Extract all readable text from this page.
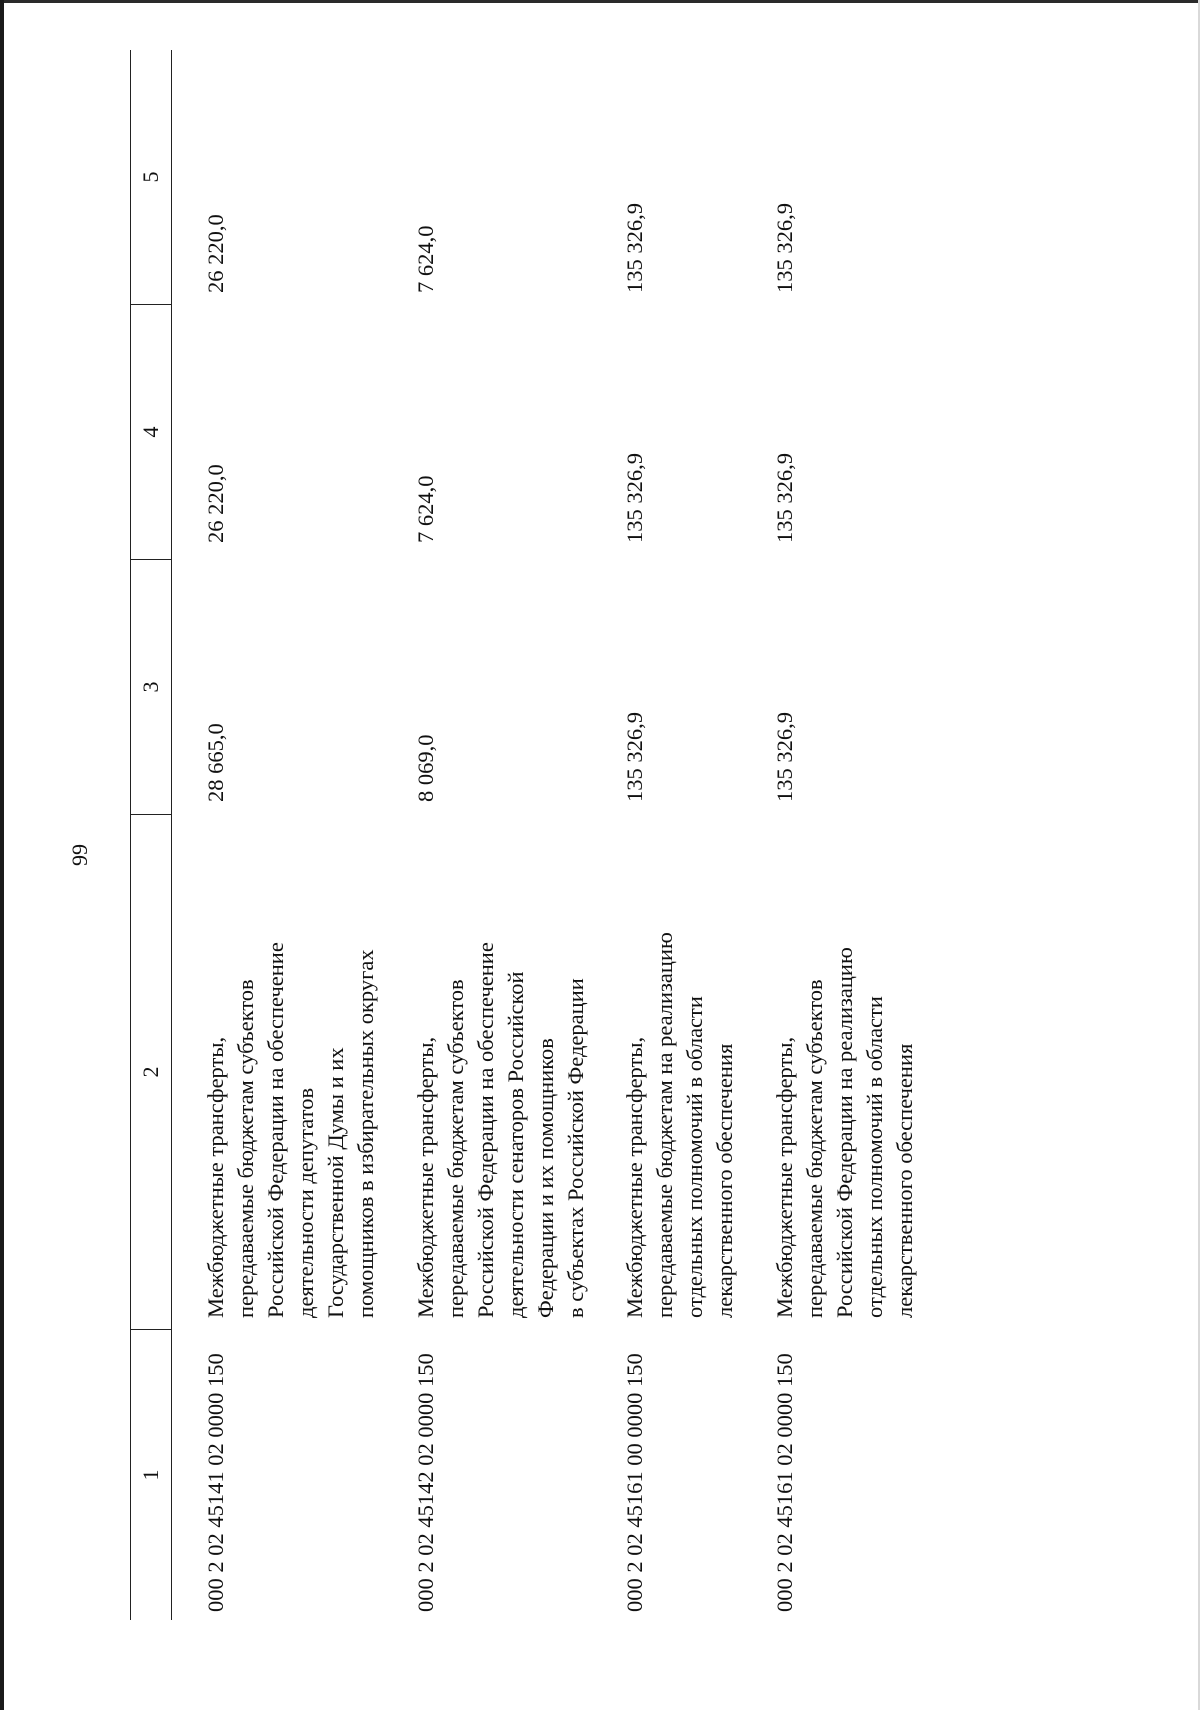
99
1
2
3
4
5
000 2 02 45141 02 0000 150
Межбюджетные трансферты, передаваемые бюджетам субъектов Российской Федерации на обеспечение деятельности депутатов Государственной Думы и их помощников в избирательных округах
28 665,0
26 220,0
26 220,0
000 2 02 45142 02 0000 150
Межбюджетные трансферты, передаваемые бюджетам субъектов Российской Федерации на обеспечение деятельности сенаторов Российской Федерации и их помощников в субъектах Российской Федерации
8 069,0
7 624,0
7 624,0
000 2 02 45161 00 0000 150
Межбюджетные трансферты, передаваемые бюджетам на реализацию отдельных полномочий в области лекарственного обеспечения
135 326,9
135 326,9
135 326,9
000 2 02 45161 02 0000 150
Межбюджетные трансферты, передаваемые бюджетам субъектов Российской Федерации на реализацию отдельных полномочий в области лекарственного обеспечения
135 326,9
135 326,9
135 326,9
